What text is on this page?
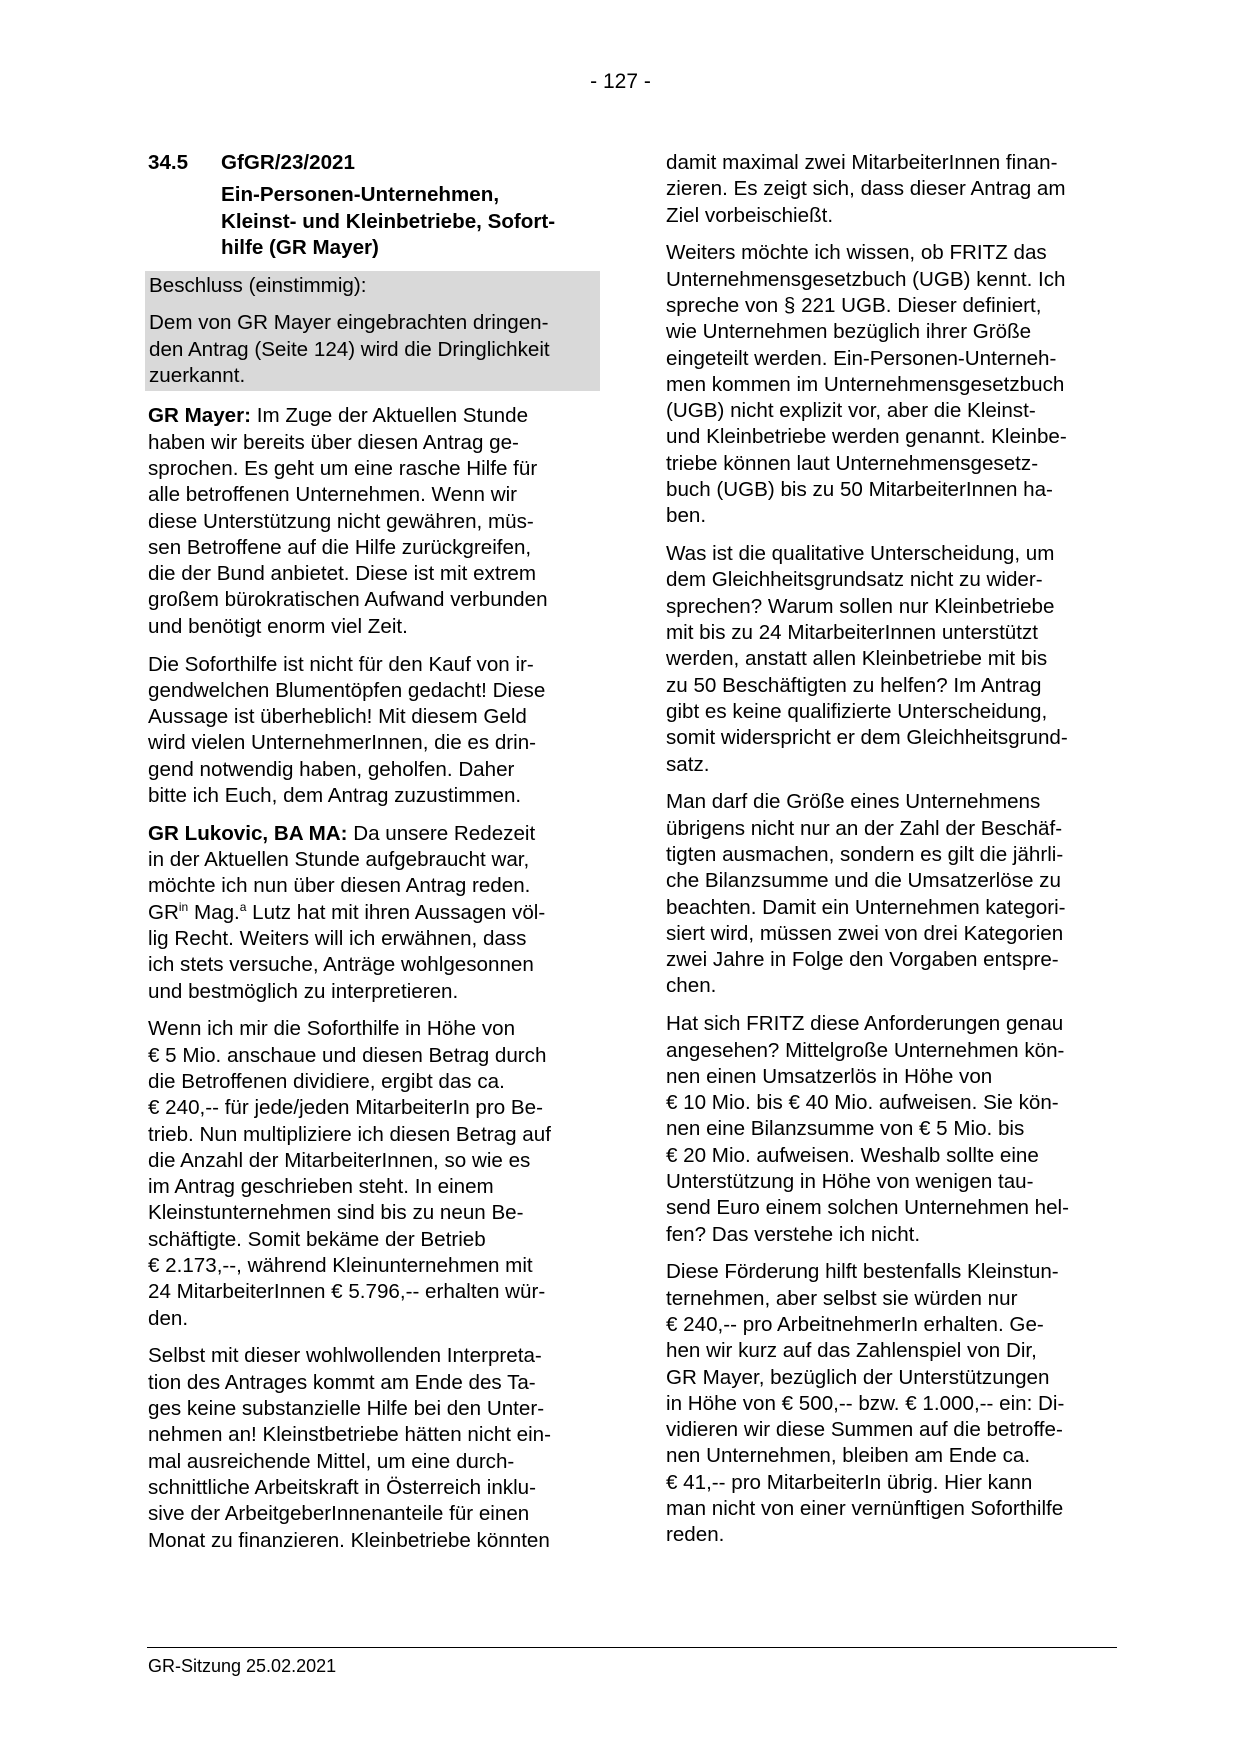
- 127 -
34.5	GfGR/23/2021
Ein-Personen-Unternehmen,
Kleinst- und Kleinbetriebe, Sofort-
hilfe (GR Mayer)

Beschluss (einstimmig):

Dem von GR Mayer eingebrachten dringen-
den Antrag (Seite 124) wird die Dringlichkeit
zuerkannt.

GR Mayer: Im Zuge der Aktuellen Stunde
haben wir bereits über diesen Antrag ge-
sprochen. Es geht um eine rasche Hilfe für
alle betroffenen Unternehmen. Wenn wir
diese Unterstützung nicht gewähren, müs-
sen Betroffene auf die Hilfe zurückgreifen,
die der Bund anbietet. Diese ist mit extrem
großem bürokratischen Aufwand verbunden
und benötigt enorm viel Zeit.

Die Soforthilfe ist nicht für den Kauf von ir-
gendwelchen Blumentöpfen gedacht! Diese
Aussage ist überheblich! Mit diesem Geld
wird vielen UnternehmerInnen, die es drin-
gend notwendig haben, geholfen. Daher
bitte ich Euch, dem Antrag zuzustimmen.

GR Lukovic, BA MA: Da unsere Redezeit
in der Aktuellen Stunde aufgebraucht war,
möchte ich nun über diesen Antrag reden.
$GR^{in}$ Mag.$^a$ Lutz hat mit ihren Aussagen völ-
lig Recht. Weiters will ich erwähnen, dass
ich stets versuche, Anträge wohlgesonnen
und bestmöglich zu interpretieren.

Wenn ich mir die Soforthilfe in Höhe von
€ 5 Mio. anschaue und diesen Betrag durch
die Betroffenen dividiere, ergibt das ca.
€ 240,-- für jede/jeden MitarbeiterIn pro Be-
trieb. Nun multipliziere ich diesen Betrag auf
die Anzahl der MitarbeiterInnen, so wie es
im Antrag geschrieben steht. In einem
Kleinstunternehmen sind bis zu neun Be-
schäftigte. Somit bekäme der Betrieb
€ 2.173,--, während Kleinunternehmen mit
24 MitarbeiterInnen € 5.796,-- erhalten wür-
den.

Selbst mit dieser wohlwollenden Interpreta-
tion des Antrages kommt am Ende des Ta-
ges keine substanzielle Hilfe bei den Unter-
nehmen an! Kleinstbetriebe hätten nicht ein-
mal ausreichende Mittel, um eine durch-
schnittliche Arbeitskraft in Österreich inklu-
sive der ArbeitgeberInnenanteile für einen
Monat zu finanzieren. Kleinbetriebe könnten

damit maximal zwei MitarbeiterInnen finan-
zieren. Es zeigt sich, dass dieser Antrag am
Ziel vorbeischießt.

Weiters möchte ich wissen, ob FRITZ das
Unternehmensgesetzbuch (UGB) kennt. Ich
spreche von § 221 UGB. Dieser definiert,
wie Unternehmen bezüglich ihrer Größe
eingeteilt werden. Ein-Personen-Unterneh-
men kommen im Unternehmensgesetzbuch
(UGB) nicht explizit vor, aber die Kleinst-
und Kleinbetriebe werden genannt. Kleinbe-
triebe können laut Unternehmensgesetz-
buch (UGB) bis zu 50 MitarbeiterInnen ha-
ben.

Was ist die qualitative Unterscheidung, um
dem Gleichheitsgrundsatz nicht zu wider-
sprechen? Warum sollen nur Kleinbetriebe
mit bis zu 24 MitarbeiterInnen unterstützt
werden, anstatt allen Kleinbetriebe mit bis
zu 50 Beschäftigten zu helfen? Im Antrag
gibt es keine qualifizierte Unterscheidung,
somit widerspricht er dem Gleichheitsgrund-
satz.

Man darf die Größe eines Unternehmens
übrigens nicht nur an der Zahl der Beschäf-
tigten ausmachen, sondern es gilt die jährli-
che Bilanzsumme und die Umsatzerlöse zu
beachten. Damit ein Unternehmen kategori-
siert wird, müssen zwei von drei Kategorien
zwei Jahre in Folge den Vorgaben entspre-
chen.

Hat sich FRITZ diese Anforderungen genau
angesehen? Mittelgroße Unternehmen kön-
nen einen Umsatzerlös in Höhe von
€ 10 Mio. bis € 40 Mio. aufweisen. Sie kön-
nen eine Bilanzsumme von € 5 Mio. bis
€ 20 Mio. aufweisen. Weshalb sollte eine
Unterstützung in Höhe von wenigen tau-
send Euro einem solchen Unternehmen hel-
fen? Das verstehe ich nicht.

Diese Förderung hilft bestenfalls Kleinstun-
ternehmen, aber selbst sie würden nur
€ 240,-- pro ArbeitnehmerIn erhalten. Ge-
hen wir kurz auf das Zahlenspiel von Dir,
GR Mayer, bezüglich der Unterstützungen
in Höhe von € 500,-- bzw. € 1.000,-- ein: Di-
vidieren wir diese Summen auf die betroffe-
nen Unternehmen, bleiben am Ende ca.
€ 41,-- pro MitarbeiterIn übrig. Hier kann
man nicht von einer vernünftigen Soforthilfe
reden.

GR-Sitzung 25.02.2021
